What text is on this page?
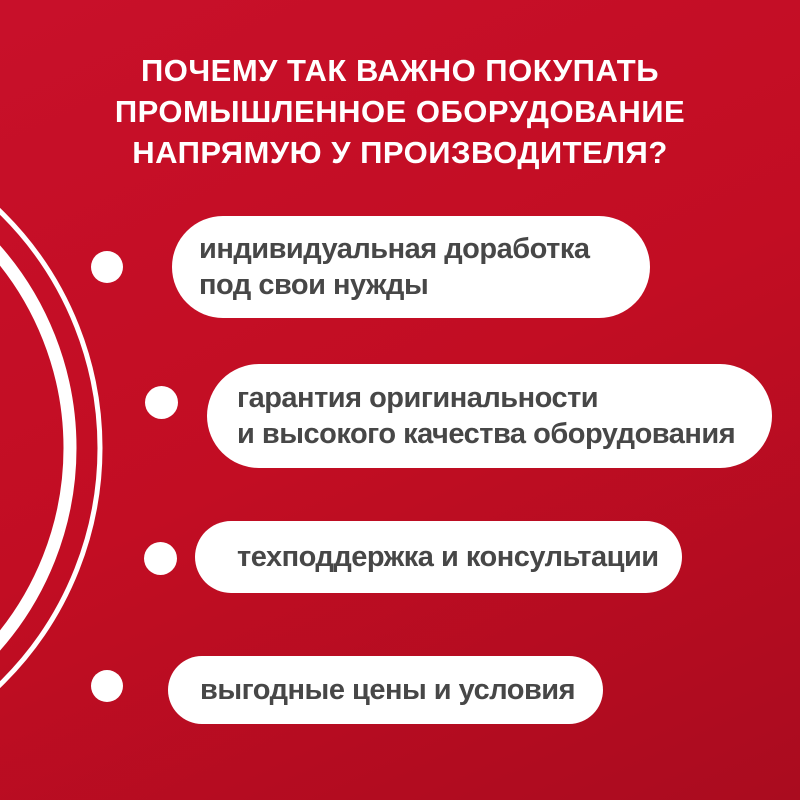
ПОЧЕМУ ТАК ВАЖНО ПОКУПАТЬ
ПРОМЫШЛЕННОЕ ОБОРУДОВАНИЕ
НАПРЯМУЮ У ПРОИЗВОДИТЕЛЯ?
индивидуальная доработка
под свои нужды
гарантия оригинальности
и высокого качества оборудования
техподдержка и консультации
выгодные цены и условия
